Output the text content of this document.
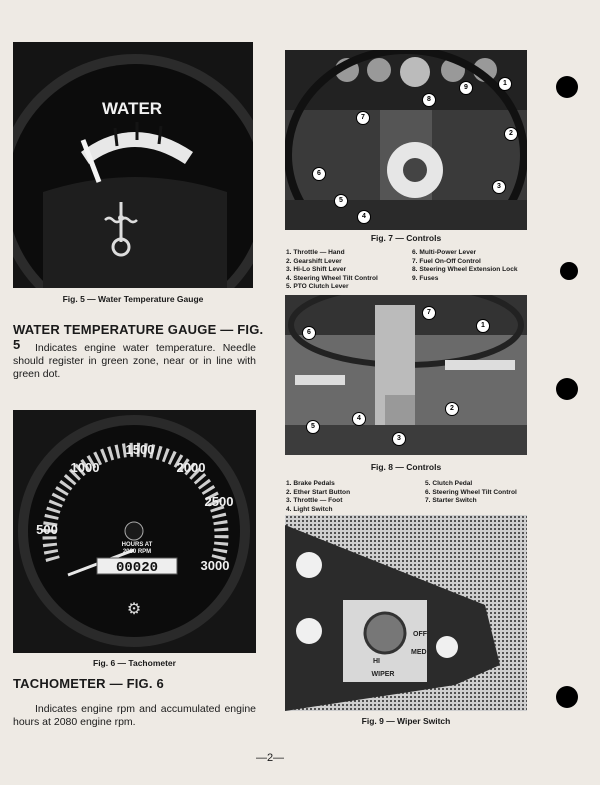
WATER
Fig. 5 — Water Temperature Gauge
WATER TEMPERATURE GAUGE — FIG. 5	Indicates engine water temperature. Needle should register in green zone, near or in line with green dot.
⚙
500
1000
1500
2000
2500
3000
HOURS AT 2080 RPM
00020
Fig. 6 — Tachometer
TACHOMETER — FIG. 6
Indicates engine rpm and accumulated engine hours at 2080 engine rpm.
1
2
3
4
5
6
7
8
9
Fig. 7 — Controls
1. Throttle — Hand
2. Gearshift Lever
3. Hi-Lo Shift Lever
4. Steering Wheel Tilt Control
5. PTO Clutch Lever
6. Multi-Power Lever
7. Fuel On-Off Control
8. Steering Wheel Extension Lock
9. Fuses
1
2
3
4
5
6
7
Fig. 8 — Controls
1. Brake Pedals
2. Ether Start Button
3. Throttle — Foot
4. Light Switch
5. Clutch Pedal
6. Steering Wheel Tilt Control
7. Starter Switch
OFF
MED
HI
WIPER
Fig. 9 — Wiper Switch
—2—
